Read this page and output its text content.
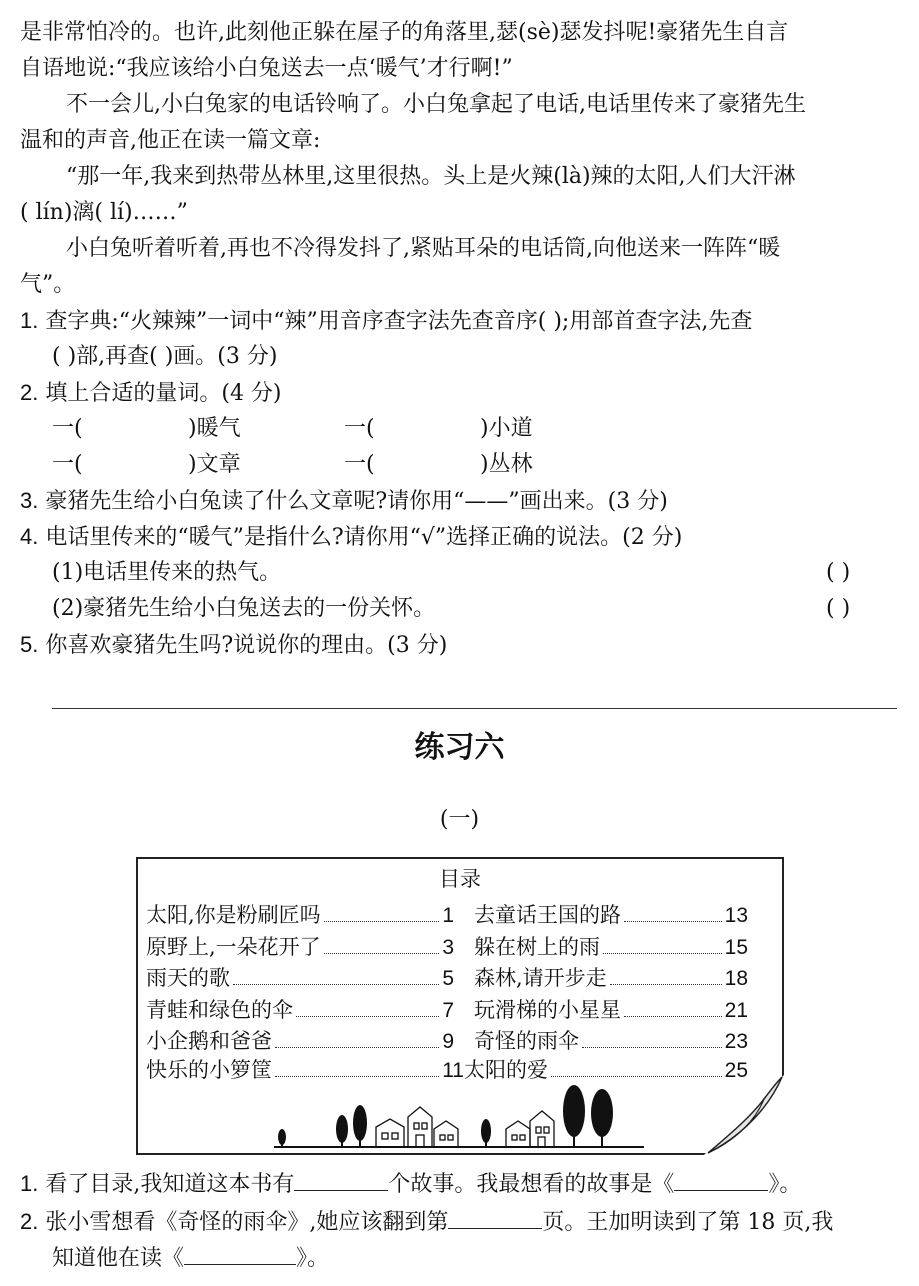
是非常怕冷的。也许,此刻他正躲在屋子的角落里,瑟(sè)瑟发抖呢!豪猪先生自言
自语地说:“我应该给小白兔送去一点‘暖气’才行啊!”
不一会儿,小白兔家的电话铃响了。小白兔拿起了电话,电话里传来了豪猪先生
温和的声音,他正在读一篇文章:
“那一年,我来到热带丛林里,这里很热。头上是火辣(là)辣的太阳,人们大汗淋
( lín)漓( lí)……”
小白兔听着听着,再也不冷得发抖了,紧贴耳朵的电话筒,向他送来一阵阵“暖
气”。
1. 查字典:“火辣辣”一词中“辣”用音序查字法先查音序( );用部首查字法,先查
( )部,再查( )画。(3 分)
2. 填上合适的量词。(4 分)
一(	)暖气	一(	)小道
一(	)文章	一(	)丛林
3. 豪猪先生给小白兔读了什么文章呢?请你用“——”画出来。(3 分)
4. 电话里传来的“暖气”是指什么?请你用“√”选择正确的说法。(2 分)
(1)电话里传来的热气。	( )
(2)豪猪先生给小白兔送去的一份关怀。	( )
5. 你喜欢豪猪先生吗?说说你的理由。(3 分)
练习六
(一)
目录
太阳,你是粉刷匠吗	1
原野上,一朵花开了	3
雨天的歌	5
青蛙和绿色的伞	7
小企鹅和爸爸	9
快乐的小箩筐	11
去童话王国的路	13
躲在树上的雨	15
森林,请开步走	18
玩滑梯的小星星	21
奇怪的雨伞	23
太阳的爱	25
1. 看了目录,我知道这本书有	个故事。我最想看的故事是《	》。
2. 张小雪想看《奇怪的雨伞》,她应该翻到第	页。王加明读到了第 18 页,我
知道他在读《	》。
